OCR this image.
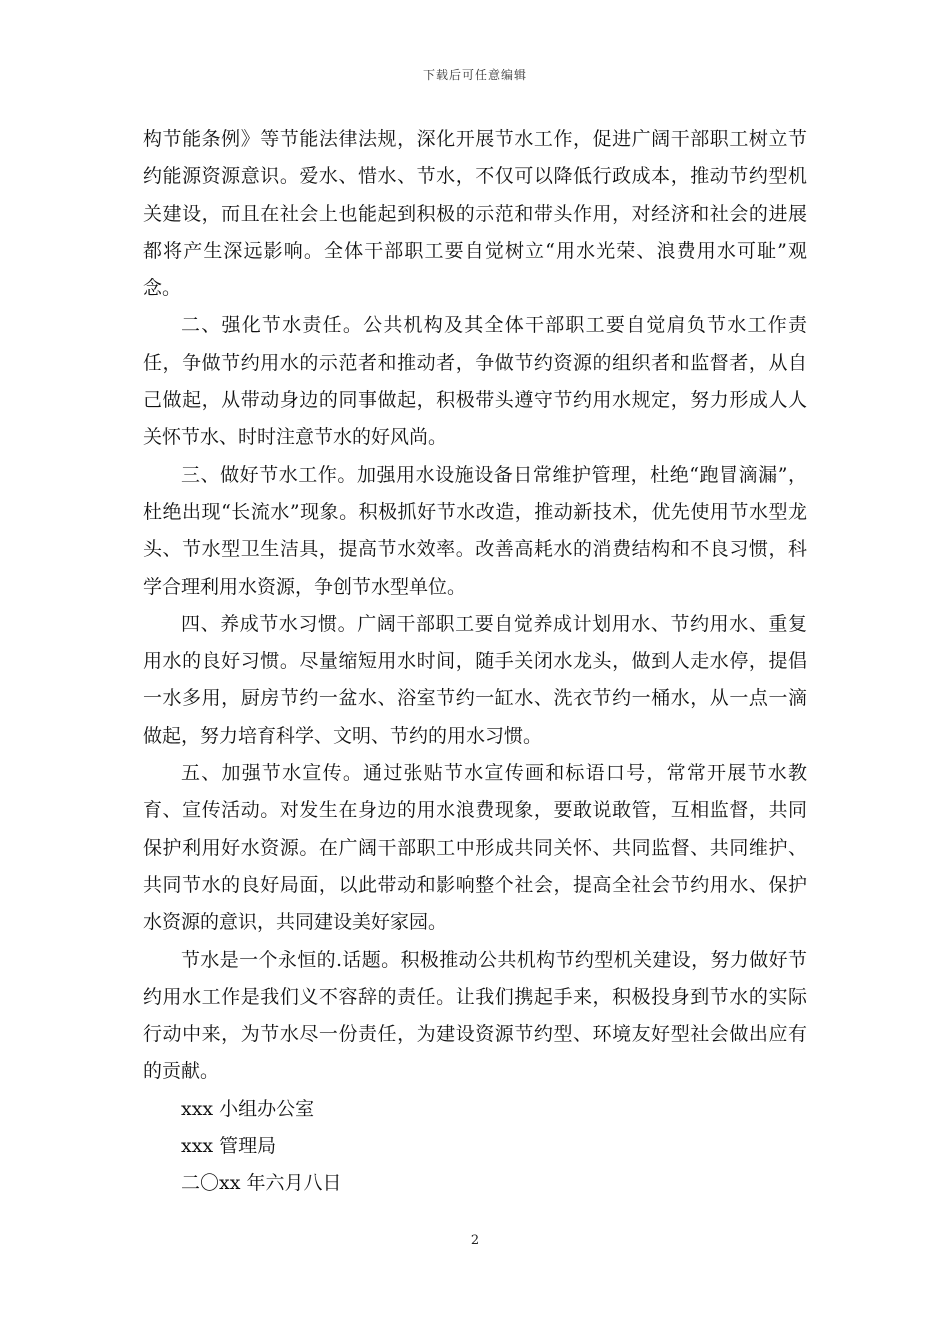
下载后可任意编辑

构节能条例》等节能法律法规，深化开展节水工作，促进广阔干部职工树立节约能源资源意识。爱水、惜水、节水，不仅可以降低行政成本，推动节约型机关建设，而且在社会上也能起到积极的示范和带头作用，对经济和社会的进展都将产生深远影响。全体干部职工要自觉树立“用水光荣、浪费用水可耻”观念。

二、强化节水责任。公共机构及其全体干部职工要自觉肩负节水工作责任，争做节约用水的示范者和推动者，争做节约资源的组织者和监督者，从自己做起，从带动身边的同事做起，积极带头遵守节约用水规定，努力形成人人关怀节水、时时注意节水的好风尚。

三、做好节水工作。加强用水设施设备日常维护管理，杜绝“跑冒滴漏”，杜绝出现“长流水”现象。积极抓好节水改造，推动新技术，优先使用节水型龙头、节水型卫生洁具，提高节水效率。改善高耗水的消费结构和不良习惯，科学合理利用水资源，争创节水型单位。

四、养成节水习惯。广阔干部职工要自觉养成计划用水、节约用水、重复用水的良好习惯。尽量缩短用水时间，随手关闭水龙头，做到人走水停，提倡一水多用，厨房节约一盆水、浴室节约一缸水、洗衣节约一桶水，从一点一滴做起，努力培育科学、文明、节约的用水习惯。

五、加强节水宣传。通过张贴节水宣传画和标语口号，常常开展节水教育、宣传活动。对发生在身边的用水浪费现象，要敢说敢管，互相监督，共同保护利用好水资源。在广阔干部职工中形成共同关怀、共同监督、共同维护、共同节水的良好局面，以此带动和影响整个社会，提高全社会节约用水、保护水资源的意识，共同建设美好家园。

节水是一个永恒的.话题。积极推动公共机构节约型机关建设，努力做好节约用水工作是我们义不容辞的责任。让我们携起手来，积极投身到节水的实际行动中来，为节水尽一份责任，为建设资源节约型、环境友好型社会做出应有的贡献。

xxx 小组办公室

xxx 管理局

二〇xx 年六月八日

2
